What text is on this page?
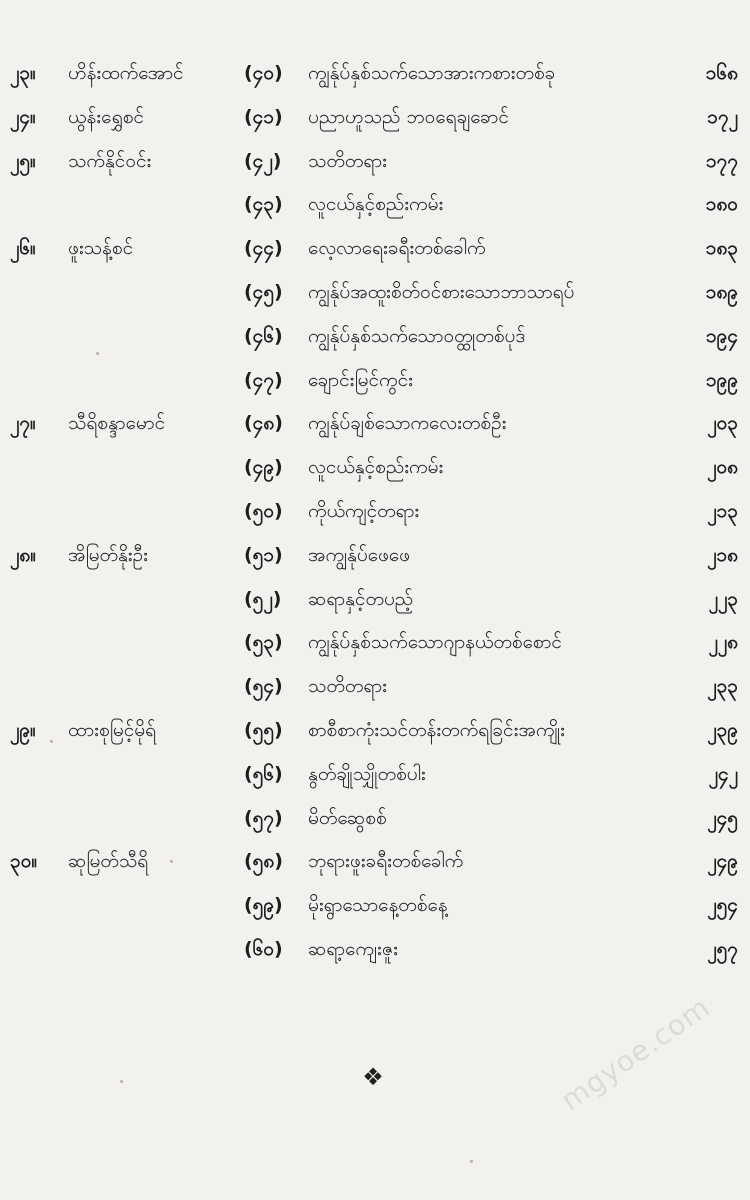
၂၃။	ဟိန်းထက်အောင်	(၄၀)	ကျွန်ုပ်နှစ်သက်သောအားကစားတစ်ခု	၁၆၈
၂၄။	ယွန်းရွှေစင်	(၄၁)	ပညာဟူသည် ဘဝရေချခောင်	၁၇၂
၂၅။	သက်နိုင်ဝင်း	(၄၂)	သတိတရား	၁၇၇
(၄၃)	လူငယ်နှင့်စည်းကမ်း	၁၈၀
၂၆။	ဖူးသန့်စင်	(၄၄)	လေ့လာရေးခရီးတစ်ခေါက်	၁၈၃
(၄၅)	ကျွန်ုပ်အထူးစိတ်ဝင်စားသောဘာသာရပ်	၁၈၉
(၄၆)	ကျွန်ုပ်နှစ်သက်သောဝတ္ထုတစ်ပုဒ်	၁၉၄
(၄၇)	ချောင်းမြင်ကွင်း	၁၉၉
၂၇။	သီရိစန္ဒာမောင်	(၄၈)	ကျွန်ုပ်ချစ်သောကလေးတစ်ဦး	၂၀၃
(၄၉)	လူငယ်နှင့်စည်းကမ်း	၂၀၈
(၅၀)	ကိုယ်ကျင့်တရား	၂၁၃
၂၈။	အိမြတ်နိုးဦး	(၅၁)	အကျွန်ုပ်ဖေဖေ	၂၁၈
(၅၂)	ဆရာနှင့်တပည့်	၂၂၃
(၅၃)	ကျွန်ုပ်နှစ်သက်သောဂျာနယ်တစ်စောင်	၂၂၈
(၅၄)	သတိတရား	၂၃၃
၂၉။	ထားစုမြင့်မိုရ်	(၅၅)	စာစီစာကုံးသင်တန်းတက်ရခြင်းအကျိုး	၂၃၉
(၅၆)	နွတ်ချိုသျှိုတစ်ပါး	၂၄၂
(၅၇)	မိတ်ဆွေစစ်	၂၄၅
၃၀။	ဆုမြတ်သီရိ	(၅၈)	ဘုရားဖူးခရီးတစ်ခေါက်	၂၄၉
(၅၉)	မိုးရွာသောနေ့တစ်နေ့	၂၅၄
(၆၀)	ဆရာ့ကျေးဇူး	၂၅၇
❖	mgyoe.com
